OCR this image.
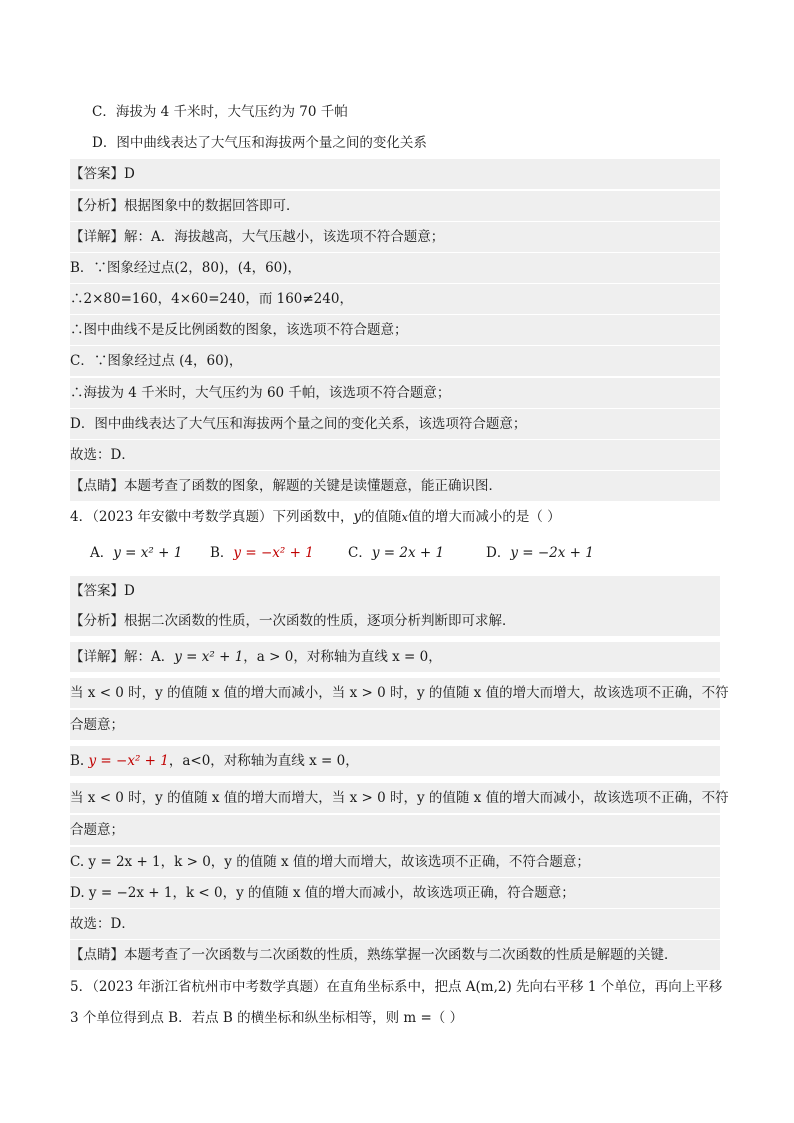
C．海拔为 4 千米时，大气压约为 70 千帕
D．图中曲线表达了大气压和海拔两个量之间的变化关系
【答案】D
【分析】根据图象中的数据回答即可．
【详解】解：A．海拔越高，大气压越小，该选项不符合题意；
B．∵图象经过点(2，80)，(4，60)，
∴2×80=160，4×60=240，而 160≠240，
∴图中曲线不是反比例函数的图象，该选项不符合题意；
C．∵图象经过点 (4，60)，
∴海拔为 4 千米时，大气压约为 60 千帕，该选项不符合题意；
D．图中曲线表达了大气压和海拔两个量之间的变化关系，该选项符合题意；
故选：D．
【点睛】本题考查了函数的图象，解题的关键是读懂题意，能正确识图．
4．（2023 年安徽中考数学真题）下列函数中，y的值随x值的增大而减小的是（ ）
A．y = x² + 1 B．y = −x² + 1	C．y = 2x + 1	D．y = −2x + 1
【答案】D
【分析】根据二次函数的性质，一次函数的性质，逐项分析判断即可求解．
【详解】解：A．y = x² + 1，a > 0，对称轴为直线 x = 0，
当 x < 0 时，y 的值随 x 值的增大而减小，当 x > 0 时，y 的值随 x 值的增大而增大，故该选项不正确，不符
合题意；
B. y = −x² + 1，a<0，对称轴为直线 x = 0，
当 x < 0 时，y 的值随 x 值的增大而增大，当 x > 0 时，y 的值随 x 值的增大而减小，故该选项不正确，不符
合题意；
C. y = 2x + 1，k > 0，y 的值随 x 值的增大而增大，故该选项不正确，不符合题意；
D. y = −2x + 1，k < 0，y 的值随 x 值的增大而减小，故该选项正确，符合题意；
故选：D．
【点睛】本题考查了一次函数与二次函数的性质，熟练掌握一次函数与二次函数的性质是解题的关键．
5．（2023 年浙江省杭州市中考数学真题）在直角坐标系中，把点 A(m,2) 先向右平移 1 个单位，再向上平移
3 个单位得到点 B．若点 B 的横坐标和纵坐标相等，则 m =（ ）
